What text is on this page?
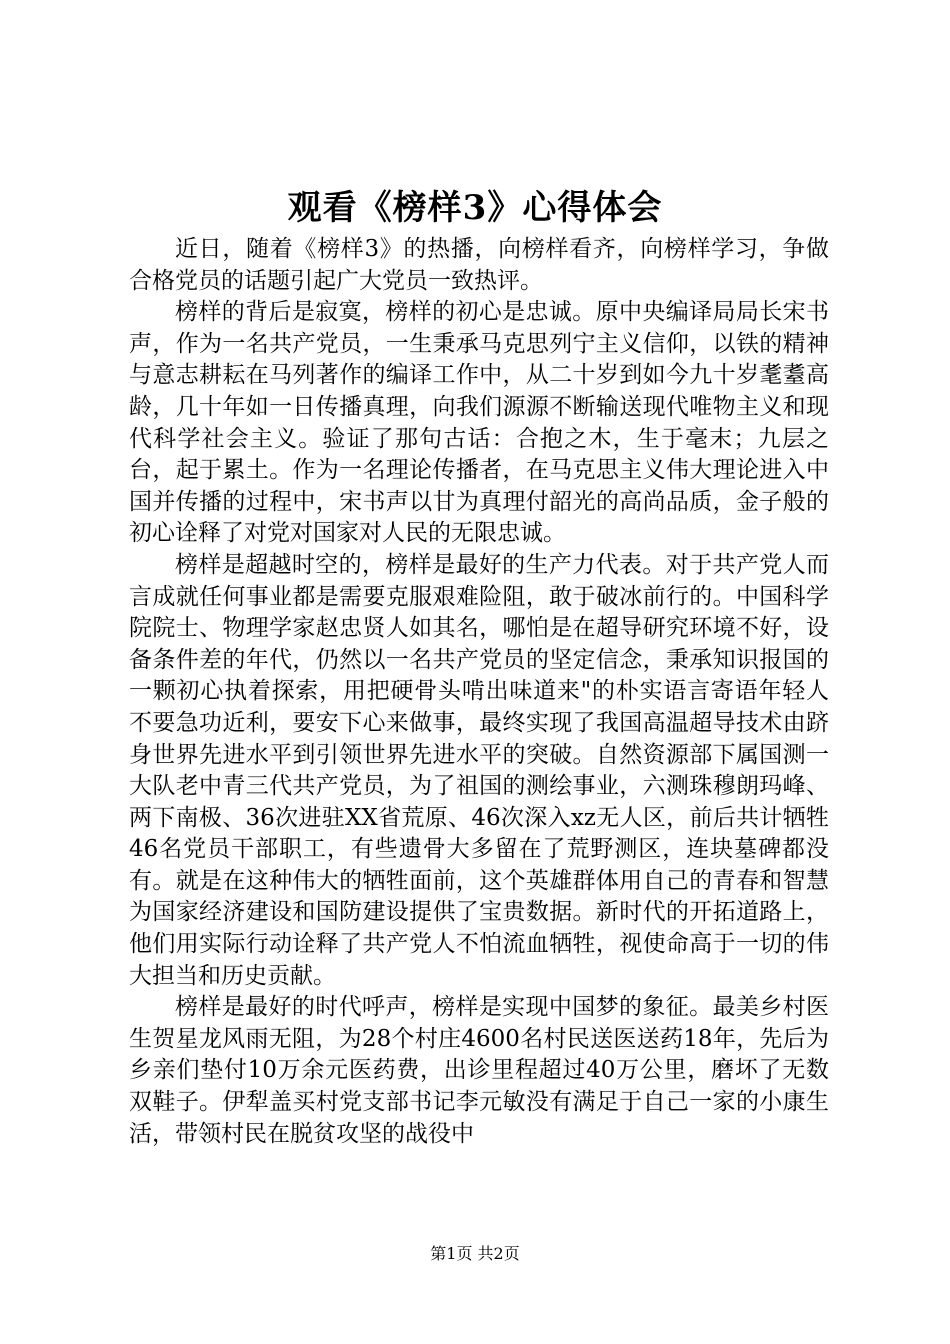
观看《榜样3》心得体会

近日，随着《榜样3》的热播，向榜样看齐，向榜样学习，争做合格党员的话题引起广大党员一致热评。

榜样的背后是寂寞，榜样的初心是忠诚。原中央编译局局长宋书声，作为一名共产党员，一生秉承马克思列宁主义信仰，以铁的精神与意志耕耘在马列著作的编译工作中，从二十岁到如今九十岁耄耋高龄，几十年如一日传播真理，向我们源源不断输送现代唯物主义和现代科学社会主义。验证了那句古话：合抱之木，生于毫末；九层之台，起于累土。作为一名理论传播者，在马克思主义伟大理论进入中国并传播的过程中，宋书声以甘为真理付韶光的高尚品质，金子般的初心诠释了对党对国家对人民的无限忠诚。

榜样是超越时空的，榜样是最好的生产力代表。对于共产党人而言成就任何事业都是需要克服艰难险阻，敢于破冰前行的。中国科学院院士、物理学家赵忠贤人如其名，哪怕是在超导研究环境不好，设备条件差的年代，仍然以一名共产党员的坚定信念，秉承知识报国的一颗初心执着探索，用把硬骨头啃出味道来"的朴实语言寄语年轻人不要急功近利，要安下心来做事，最终实现了我国高温超导技术由跻身世界先进水平到引领世界先进水平的突破。自然资源部下属国测一大队老中青三代共产党员，为了祖国的测绘事业，六测珠穆朗玛峰、两下南极、36次进驻XX省荒原、46次深入xz无人区，前后共计牺牲46名党员干部职工，有些遗骨大多留在了荒野测区，连块墓碑都没有。就是在这种伟大的牺牲面前，这个英雄群体用自己的青春和智慧为国家经济建设和国防建设提供了宝贵数据。新时代的开拓道路上，他们用实际行动诠释了共产党人不怕流血牺牲，视使命高于一切的伟大担当和历史贡献。

榜样是最好的时代呼声，榜样是实现中国梦的象征。最美乡村医生贺星龙风雨无阻，为28个村庄4600名村民送医送药18年，先后为乡亲们垫付10万余元医药费，出诊里程超过40万公里，磨坏了无数双鞋子。伊犁盖买村党支部书记李元敏没有满足于自己一家的小康生活，带领村民在脱贫攻坚的战役中

第1页 共2页
